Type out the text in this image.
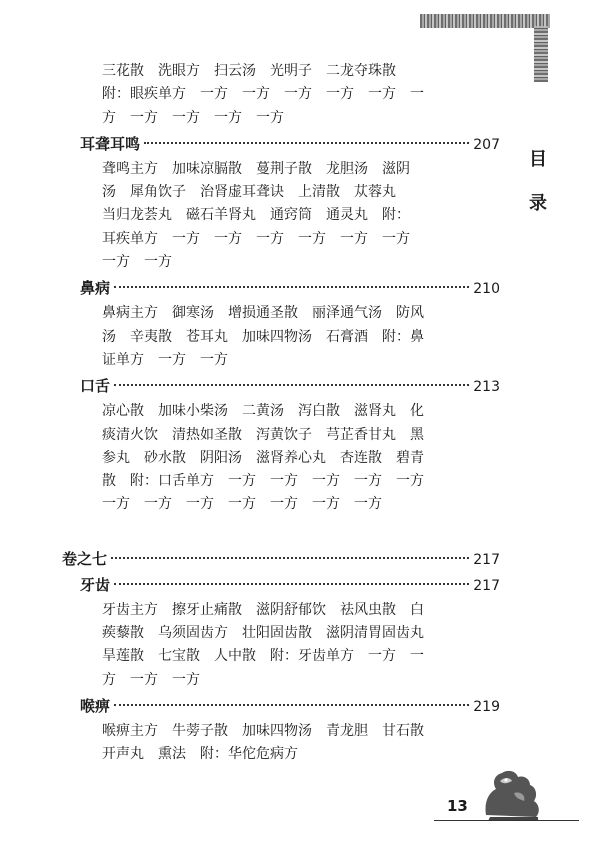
目
录
三花散　洗眼方　扫云汤　光明子　二龙夺珠散
附：眼疾单方　一方　一方　一方　一方　一方　一
方　一方　一方　一方　一方
耳聋耳鸣	207
聋鸣主方　加味凉膈散　蔓荆子散　龙胆汤　滋阴
汤　犀角饮子　治肾虚耳聋诀　上清散　苁蓉丸
当归龙荟丸　磁石羊肾丸　通窍筒　通灵丸　附：
耳疾单方　一方　一方　一方　一方　一方　一方
一方　一方
鼻病	210
鼻病主方　御寒汤　增损通圣散　丽泽通气汤　防风
汤　辛夷散　苍耳丸　加味四物汤　石膏酒　附：鼻
证单方　一方　一方
口舌	213
凉心散　加味小柴汤　二黄汤　泻白散　滋肾丸　化
痰清火饮　清热如圣散　泻黄饮子　芎芷香甘丸　黑
参丸　砂水散　阴阳汤　滋肾养心丸　杏连散　碧青
散　附：口舌单方　一方　一方　一方　一方　一方
一方　一方　一方　一方　一方　一方　一方
卷之七	217
牙齿	217
牙齿主方　擦牙止痛散　滋阴舒郁饮　祛风虫散　白
蒺藜散　乌须固齿方　壮阳固齿散　滋阴清胃固齿丸
旱莲散　七宝散　人中散　附：牙齿单方　一方　一
方　一方　一方
喉痹	219
喉痹主方　牛蒡子散　加味四物汤　青龙胆　甘石散
开声丸　熏法　附：华佗危病方
13
